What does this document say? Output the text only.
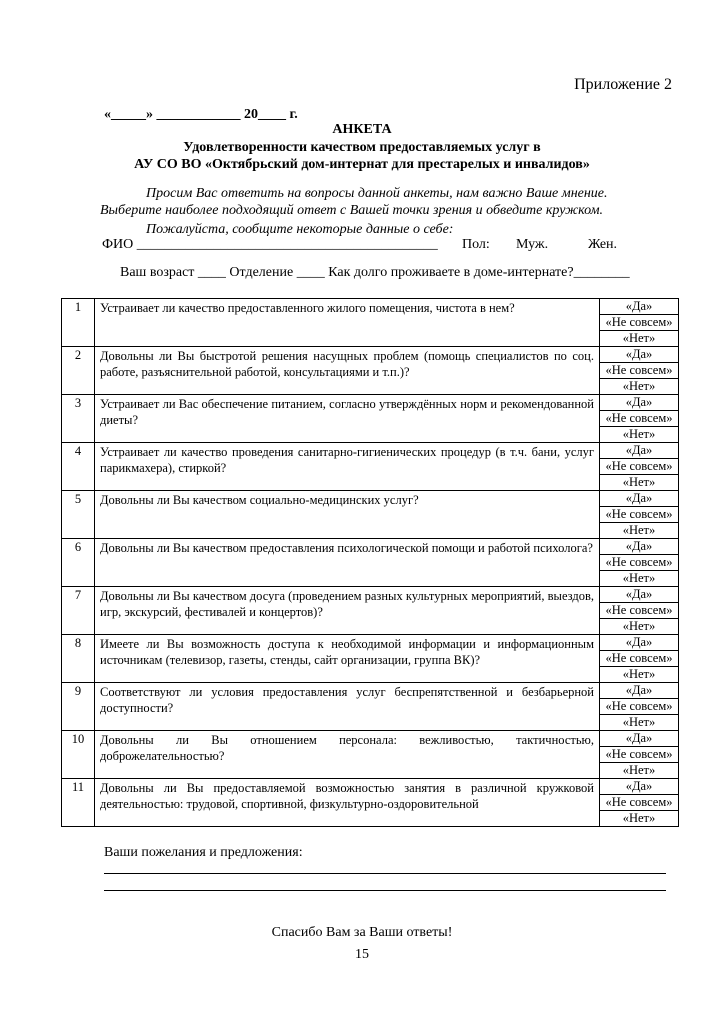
Приложение 2
«_____» ____________ 20____ г.
АНКЕТА
Удовлетворенности качеством предоставляемых услуг в
АУ СО ВО «Октябрьский дом-интернат для престарелых и инвалидов»
Просим Вас ответить на вопросы данной анкеты, нам важно Ваше мнение. Выберите наиболее подходящий ответ с Вашей точки зрения и обведите кружком.
Пожалуйста, сообщите некоторые данные о себе:
ФИО ___________________________________________ Пол: Муж.	Жен.
Ваш возраст ____ Отделение ____ Как долго проживаете в доме-интернате?________
1	Устраивает ли качество предоставленного жилого помещения, чистота в нем?	«Да»
		«Не совсем»
		«Нет»
2	Довольны ли Вы быстротой решения насущных проблем (помощь специалистов по соц. работе, разъяснительной работой, консультациями и т.п.)?	«Да»
		«Не совсем»
		«Нет»
3	Устраивает ли Вас обеспечение питанием, согласно утверждённых норм и рекомендованной диеты?	«Да»
		«Не совсем»
		«Нет»
4	Устраивает ли качество проведения санитарно-гигиенических процедур (в т.ч. бани, услуг парикмахера), стиркой?	«Да»
		«Не совсем»
		«Нет»
5	Довольны ли Вы качеством социально-медицинских услуг?	«Да»
		«Не совсем»
		«Нет»
6	Довольны ли Вы качеством предоставления психологической помощи и работой психолога?	«Да»
		«Не совсем»
		«Нет»
7	Довольны ли Вы качеством досуга (проведением разных культурных мероприятий, выездов, игр, экскурсий, фестивалей и концертов)?	«Да»
		«Не совсем»
		«Нет»
8	Имеете ли Вы возможность доступа к необходимой информации и информационным источникам (телевизор, газеты, стенды, сайт организации, группа ВК)?	«Да»
		«Не совсем»
		«Нет»
9	Соответствуют ли условия предоставления услуг беспрепятственной и безбарьерной доступности?	«Да»
		«Не совсем»
		«Нет»
10	Довольны ли Вы отношением персонала: вежливостью, тактичностью, доброжелательностью?	«Да»
		«Не совсем»
		«Нет»
11	Довольны ли Вы предоставляемой возможностью занятия в различной кружковой деятельностью: трудовой, спортивной, физкультурно-оздоровительной	«Да»
		«Не совсем»
		«Нет»
Ваши пожелания и предложения:
Спасибо Вам за Ваши ответы!
15
